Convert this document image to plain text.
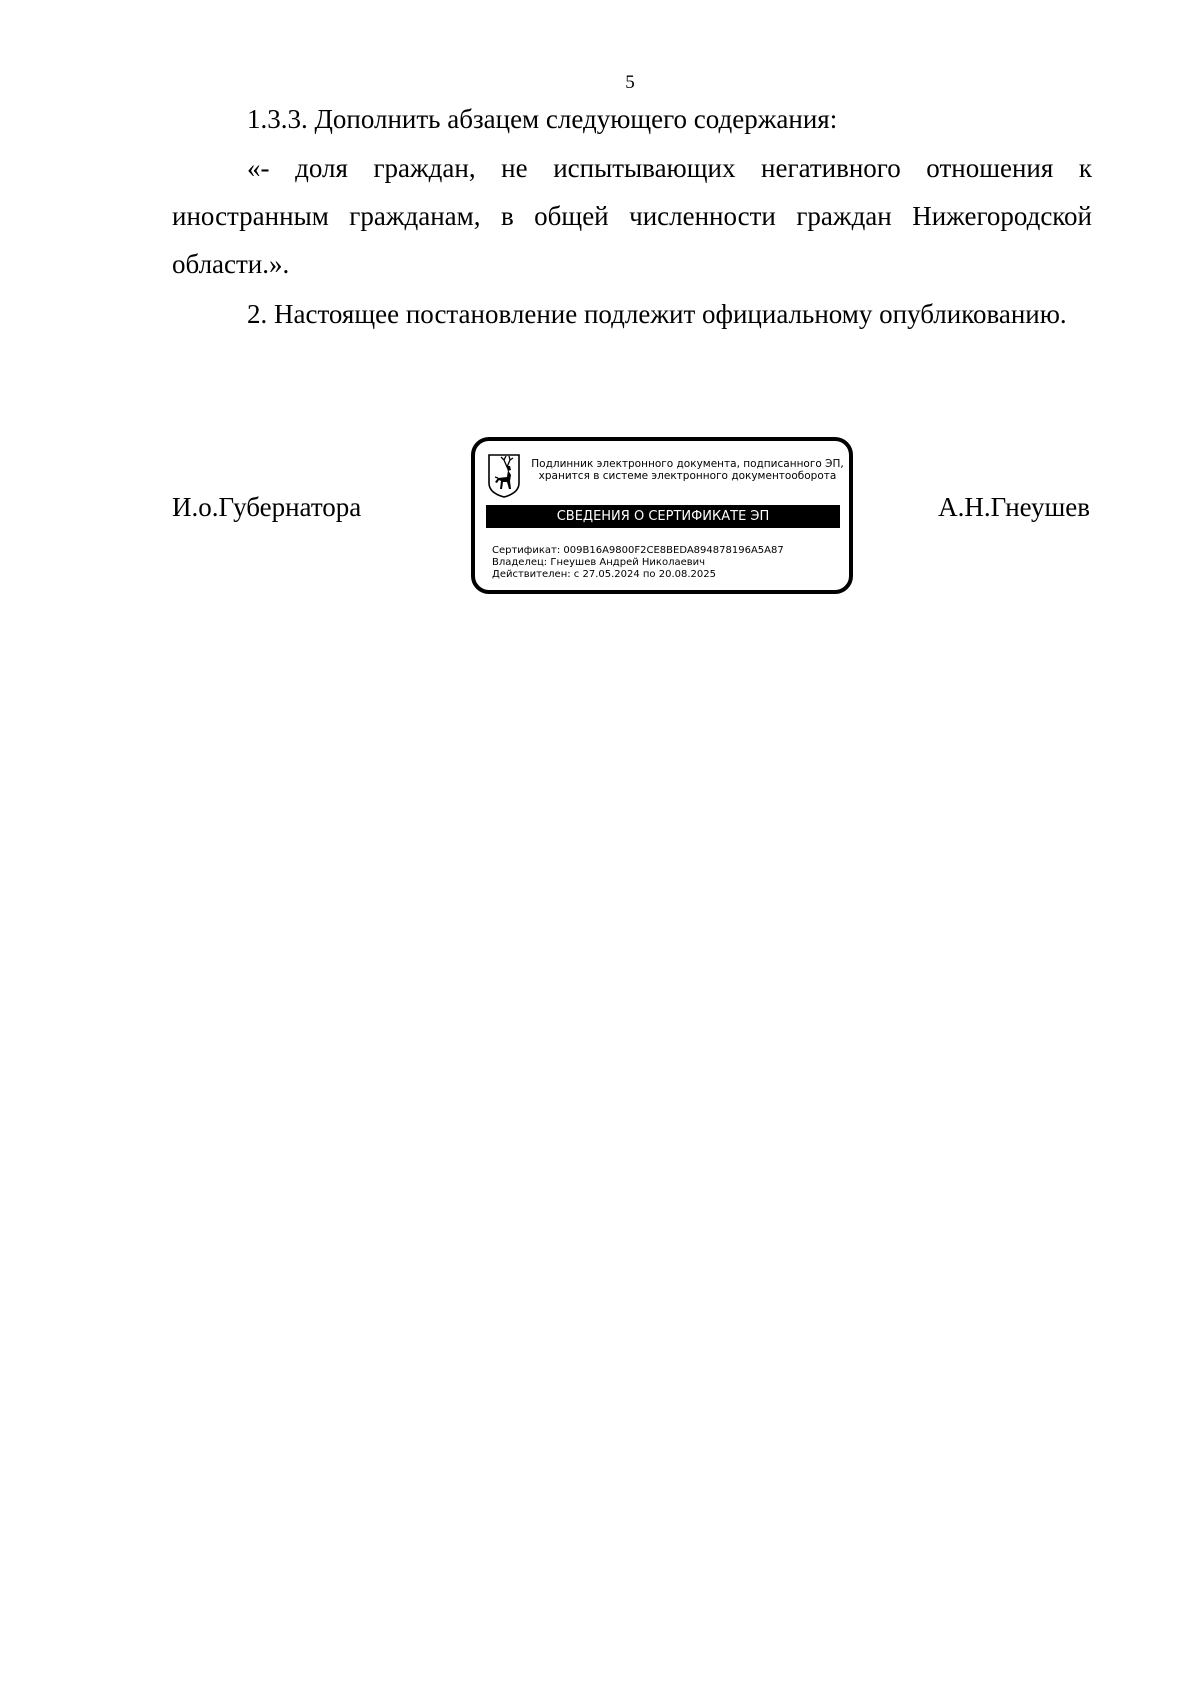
5

1.3.3. Дополнить абзацем следующего содержания:

«- доля граждан, не испытывающих негативного отношения к иностранным гражданам, в общей численности граждан Нижегородской области.».

2. Настоящее постановление подлежит официальному опубликованию.

И.о.Губернатора
Подлинник электронного документа, подписанного ЭП,
хранится в системе электронного документооборота
СВЕДЕНИЯ О СЕРТИФИКАТЕ ЭП
Сертификат: 009B16A9800F2CE8BEDA894878196A5A87
Владелец: Гнеушев Андрей Николаевич
Действителен: с 27.05.2024 по 20.08.2025
А.Н.Гнеушев
